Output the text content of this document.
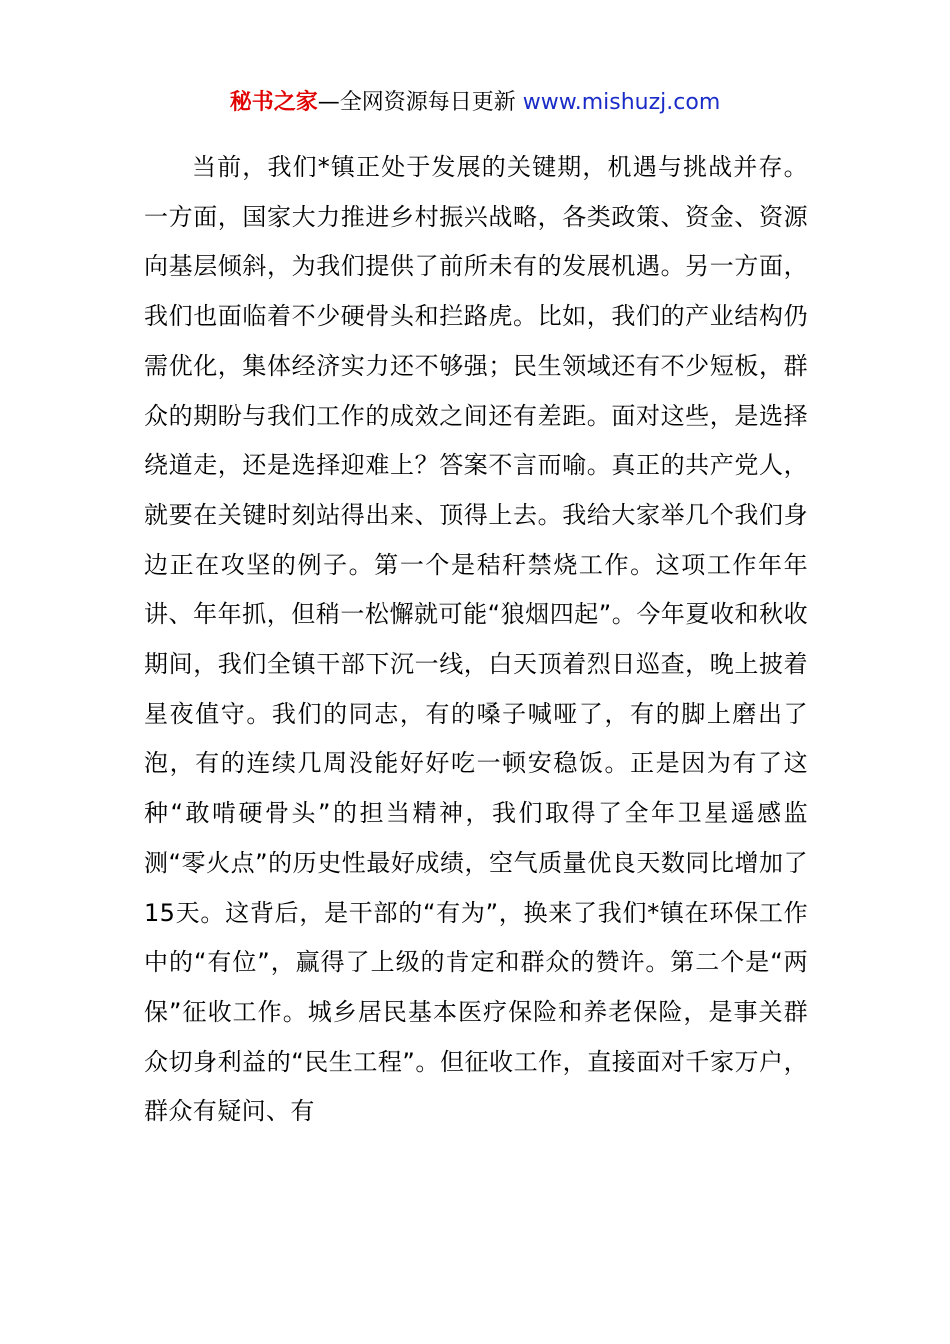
秘书之家—全网资源每日更新 www.mishuzj.com

当前，我们*镇正处于发展的关键期，机遇与挑战并存。一方面，国家大力推进乡村振兴战略，各类政策、资金、资源向基层倾斜，为我们提供了前所未有的发展机遇。另一方面，我们也面临着不少硬骨头和拦路虎。比如，我们的产业结构仍需优化，集体经济实力还不够强；民生领域还有不少短板，群众的期盼与我们工作的成效之间还有差距。面对这些，是选择绕道走，还是选择迎难上？答案不言而喻。真正的共产党人，就要在关键时刻站得出来、顶得上去。我给大家举几个我们身边正在攻坚的例子。第一个是秸秆禁烧工作。这项工作年年讲、年年抓，但稍一松懈就可能“狼烟四起”。今年夏收和秋收期间，我们全镇干部下沉一线，白天顶着烈日巡查，晚上披着星夜值守。我们的同志，有的嗓子喊哑了，有的脚上磨出了泡，有的连续几周没能好好吃一顿安稳饭。正是因为有了这种“敢啃硬骨头”的担当精神，我们取得了全年卫星遥感监测“零火点”的历史性最好成绩，空气质量优良天数同比增加了15天。这背后，是干部的“有为”，换来了我们*镇在环保工作中的“有位”，赢得了上级的肯定和群众的赞许。第二个是“两保”征收工作。城乡居民基本医疗保险和养老保险，是事关群众切身利益的“民生工程”。但征收工作，直接面对千家万户，群众有疑问、有
